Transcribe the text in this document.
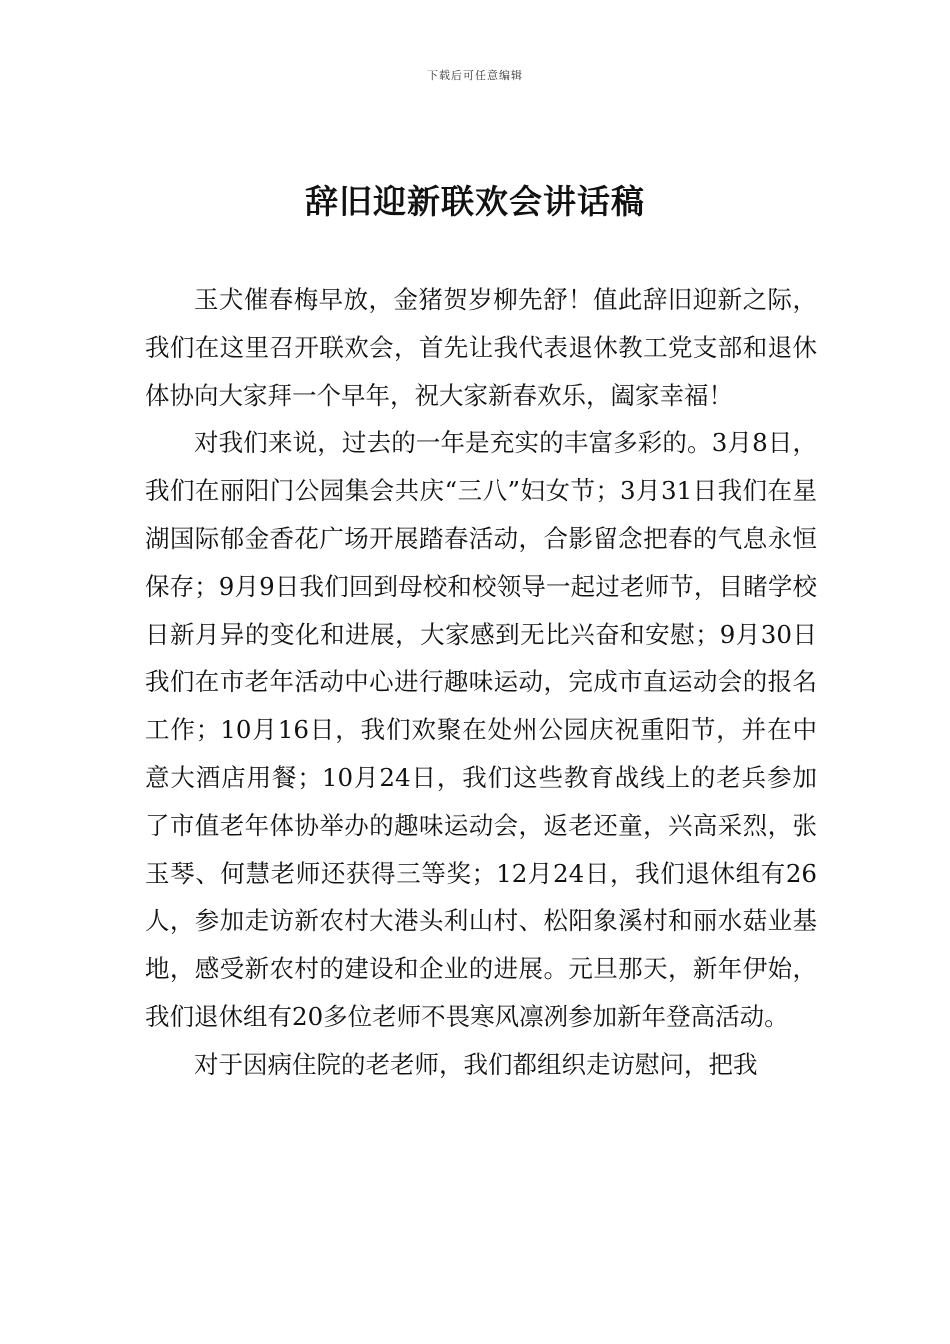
下载后可任意编辑
辞旧迎新联欢会讲话稿

玉犬催春梅早放，金猪贺岁柳先舒！值此辞旧迎新之际，我们在这里召开联欢会，首先让我代表退休教工党支部和退休体协向大家拜一个早年，祝大家新春欢乐，阖家幸福！

对我们来说，过去的一年是充实的丰富多彩的。3月8日，我们在丽阳门公园集会共庆“三八”妇女节；3月31日我们在星湖国际郁金香花广场开展踏春活动，合影留念把春的气息永恒保存；9月9日我们回到母校和校领导一起过老师节，目睹学校日新月异的变化和进展，大家感到无比兴奋和安慰；9月30日我们在市老年活动中心进行趣味运动，完成市直运动会的报名工作；10月16日，我们欢聚在处州公园庆祝重阳节，并在中意大酒店用餐；10月24日，我们这些教育战线上的老兵参加了市值老年体协举办的趣味运动会，返老还童，兴高采烈，张玉琴、何慧老师还获得三等奖；12月24日，我们退休组有26人，参加走访新农村大港头利山村、松阳象溪村和丽水菇业基地，感受新农村的建设和企业的进展。元旦那天，新年伊始，我们退休组有20多位老师不畏寒风凛冽参加新年登高活动。

对于因病住院的老老师，我们都组织走访慰问，把我
